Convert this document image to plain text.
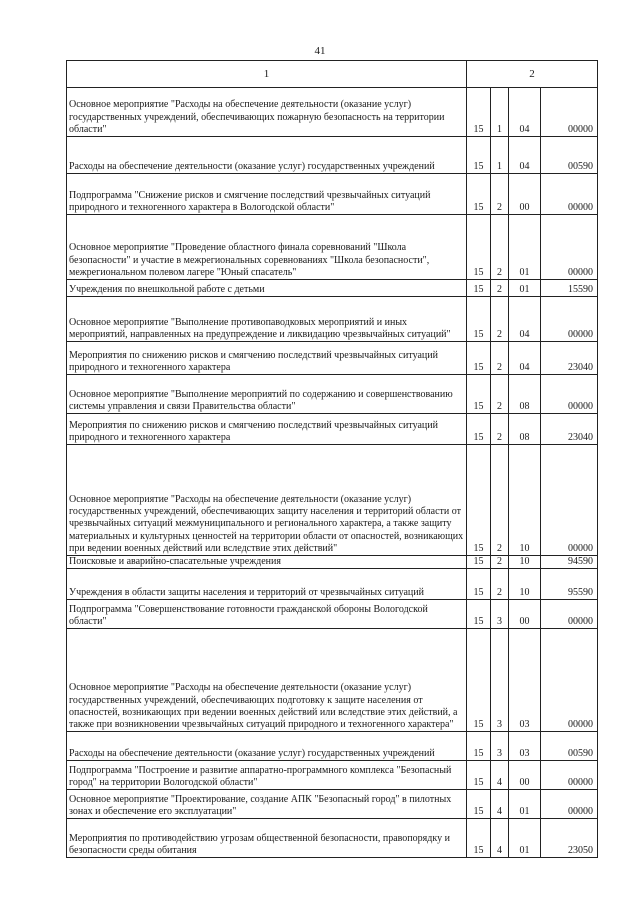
41
1	2			
Основное мероприятие "Расходы на обеспечение деятельности (оказание услуг) государственных учреждений, обеспечивающих пожарную безопасность на территории области"	15	1	04	00000
Расходы на обеспечение деятельности (оказание услуг) государственных учреждений	15	1	04	00590
Подпрограмма "Снижение рисков и смягчение последствий чрезвычайных ситуаций природного и техногенного характера в Вологодской области"	15	2	00	00000
Основное мероприятие "Проведение областного финала соревнований "Школа безопасности" и участие в межрегиональных соревнованиях "Школа безопасности", межрегиональном полевом лагере "Юный спасатель"	15	2	01	00000
Учреждения по внешкольной работе с детьми	15	2	01	15590
Основное мероприятие "Выполнение противопаводковых мероприятий и иных мероприятий, направленных на предупреждение и ликвидацию чрезвычайных ситуаций"	15	2	04	00000
Мероприятия по снижению рисков и смягчению последствий чрезвычайных ситуаций природного и техногенного характера	15	2	04	23040
Основное мероприятие "Выполнение мероприятий по содержанию и совершенствованию системы управления и связи Правительства области"	15	2	08	00000
Мероприятия по снижению рисков и смягчению последствий чрезвычайных ситуаций природного и техногенного характера	15	2	08	23040
Основное мероприятие "Расходы на обеспечение деятельности (оказание услуг) государственных учреждений, обеспечивающих защиту населения и территорий области от чрезвычайных ситуаций межмуниципального и регионального характера, а также защиту материальных и культурных ценностей на территории области от опасностей, возникающих при ведении военных действий или вследствие этих действий"	15	2	10	00000
Поисковые и аварийно-спасательные учреждения	15	2	10	94590
Учреждения в области защиты населения и территорий от чрезвычайных ситуаций	15	2	10	95590
Подпрограмма "Совершенствование готовности гражданской обороны Вологодской области"	15	3	00	00000
Основное мероприятие "Расходы на обеспечение деятельности (оказание услуг) государственных учреждений, обеспечивающих подготовку к защите населения от опасностей, возникающих при ведении военных действий или вследствие этих действий, а также при возникновении чрезвычайных ситуаций природного и техногенного характера"	15	3	03	00000
Расходы на обеспечение деятельности (оказание услуг) государственных учреждений	15	3	03	00590
Подпрограмма "Построение и развитие аппаратно-программного комплекса "Безопасный город" на территории Вологодской области"	15	4	00	00000
Основное мероприятие "Проектирование, создание АПК "Безопасный город" в пилотных зонах и обеспечение его эксплуатации"	15	4	01	00000
Мероприятия по противодействию угрозам общественной безопасности, правопорядку и безопасности среды обитания	15	4	01	23050
